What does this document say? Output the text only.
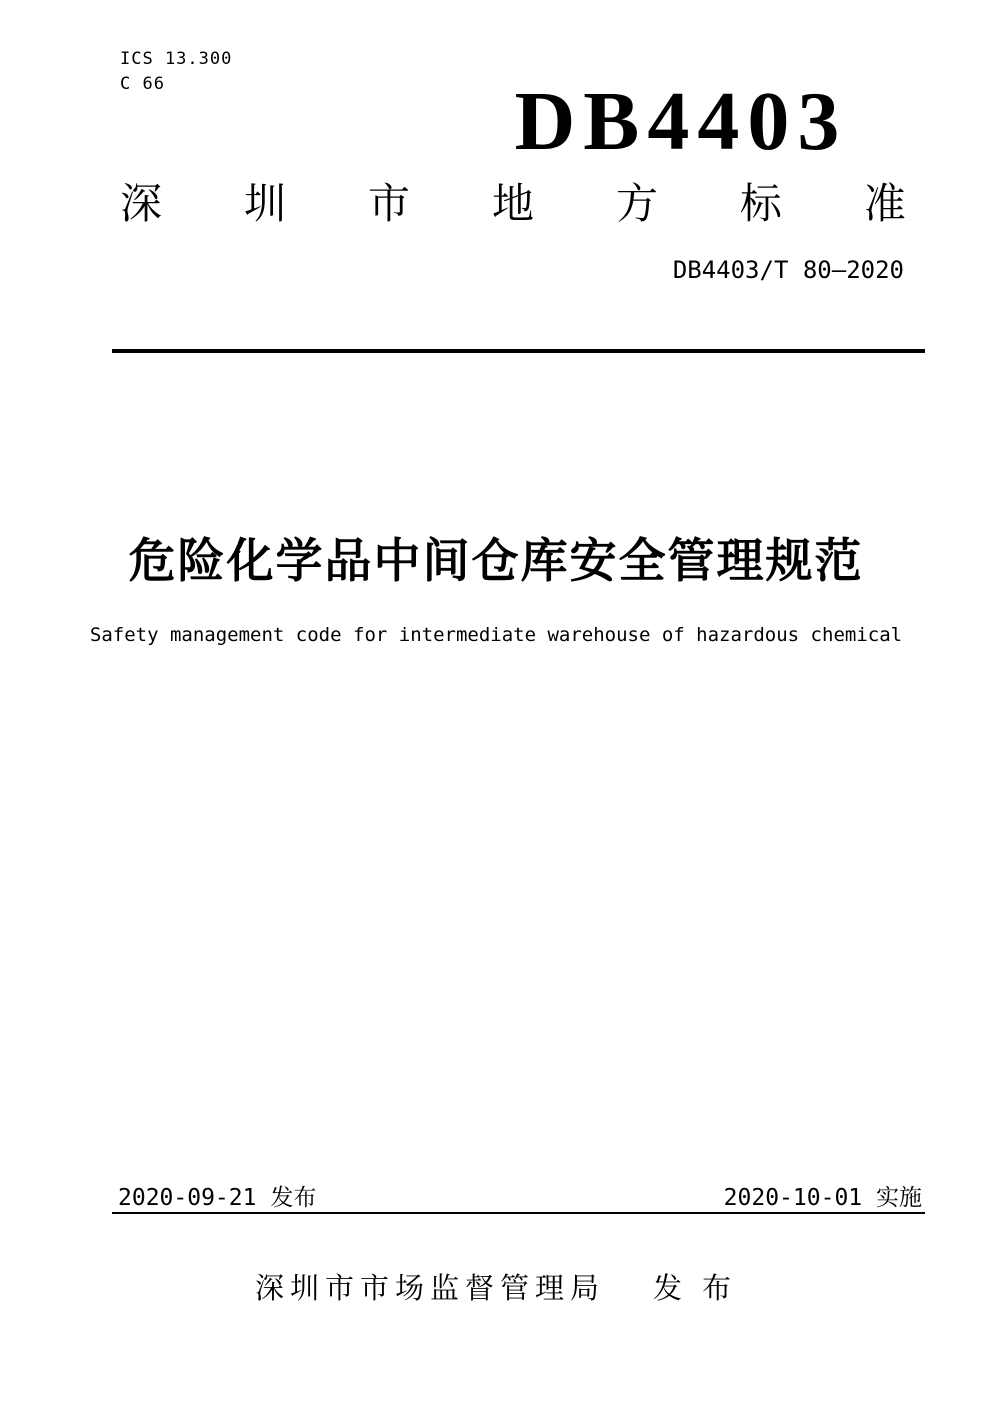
ICS 13.300
C 66	DB4403
深 圳 市 地 方 标 准
DB4403/T 80—2020
危险化学品中间仓库安全管理规范
Safety management code for intermediate warehouse of hazardous chemical
2020-09-21 发布	2020-10-01 实施
深圳市市场监督管理局 发 布
